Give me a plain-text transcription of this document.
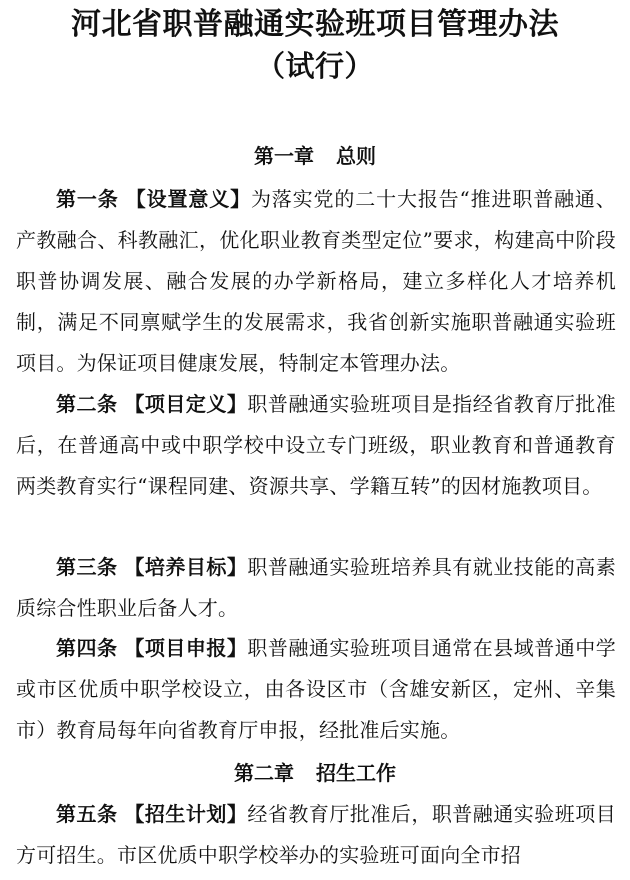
河北省职普融通实验班项目管理办法
（试行）
第一章 总则

第一条 【设置意义】为落实党的二十大报告“推进职普融通、产教融合、科教融汇，优化职业教育类型定位”要求，构建高中阶段职普协调发展、融合发展的办学新格局，建立多样化人才培养机制，满足不同禀赋学生的发展需求，我省创新实施职普融通实验班项目。为保证项目健康发展，特制定本管理办法。

第二条 【项目定义】职普融通实验班项目是指经省教育厅批准后，在普通高中或中职学校中设立专门班级，职业教育和普通教育两类教育实行“课程同建、资源共享、学籍互转”的因材施教项目。

第三条 【培养目标】职普融通实验班培养具有就业技能的高素质综合性职业后备人才。

第四条 【项目申报】职普融通实验班项目通常在县域普通中学或市区优质中职学校设立，由各设区市（含雄安新区，定州、辛集市）教育局每年向省教育厅申报，经批准后实施。

第二章 招生工作

第五条 【招生计划】经省教育厅批准后，职普融通实验班项目方可招生。市区优质中职学校举办的实验班可面向全市招
